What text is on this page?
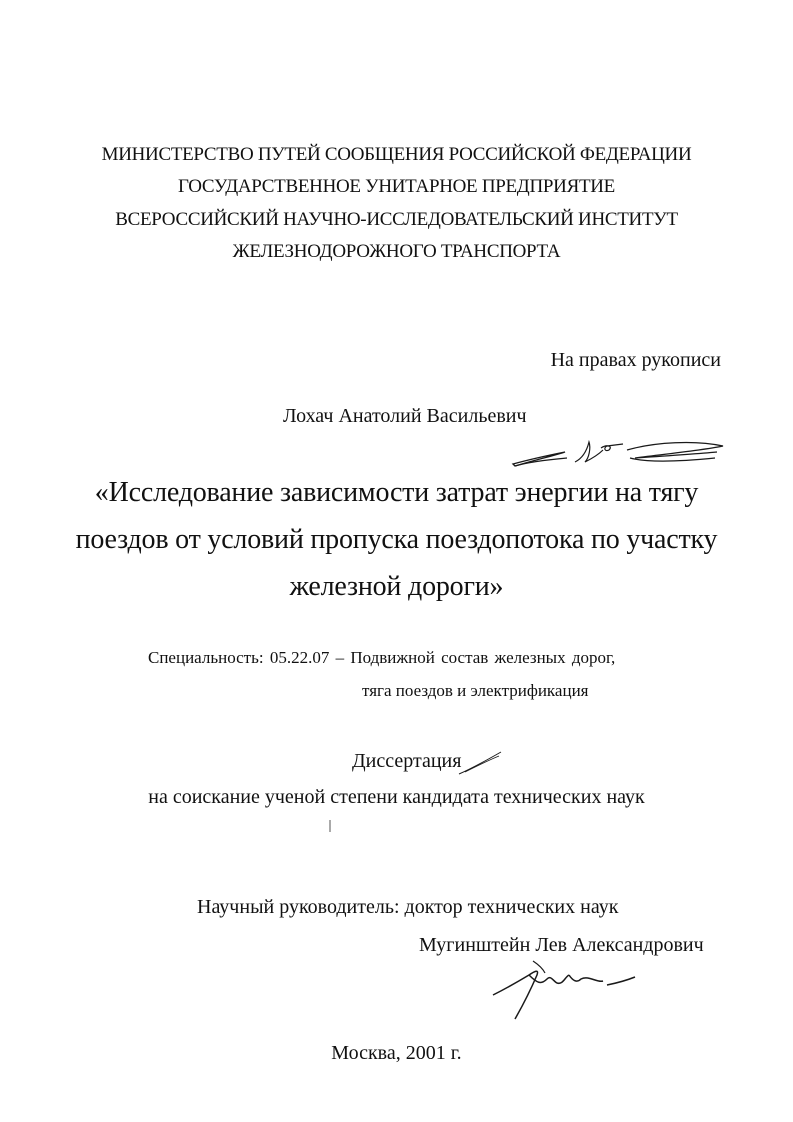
МИНИСТЕРСТВО ПУТЕЙ СООБЩЕНИЯ РОССИЙСКОЙ ФЕДЕРАЦИИ
ГОСУДАРСТВЕННОЕ УНИТАРНОЕ ПРЕДПРИЯТИЕ
ВСЕРОССИЙСКИЙ НАУЧНО-ИССЛЕДОВАТЕЛЬСКИЙ ИНСТИТУТ
ЖЕЛЕЗНОДОРОЖНОГО ТРАНСПОРТА
На правах рукописи
Лохач Анатолий Васильевич
«Исследование зависимости затрат энергии на тягу
поездов от условий пропуска поездопотока по участку
железной дороги»
Специальность: 05.22.07 – Подвижной состав железных дорог,
тяга поездов и электрификация
Диссертация
на соискание ученой степени кандидата технических наук
Научный руководитель: доктор технических наук
Мугинштейн Лев Александрович
Москва, 2001 г.
